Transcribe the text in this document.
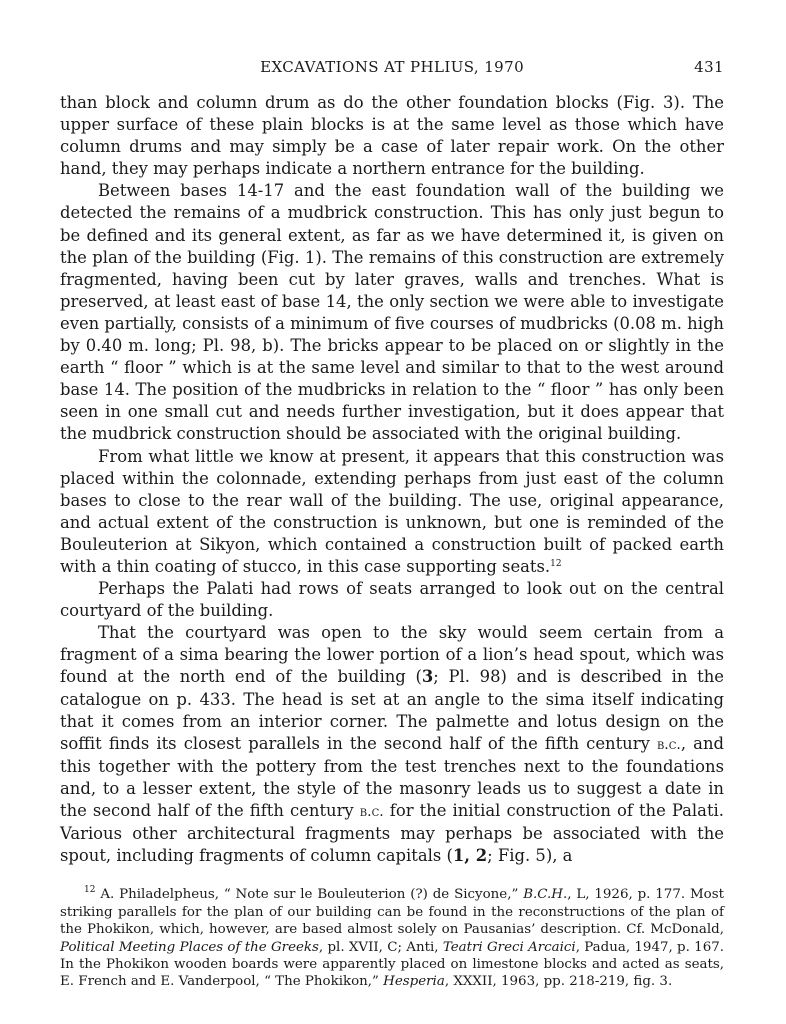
EXCAVATIONS AT PHLIUS, 1970	431

than block and column drum as do the other foundation blocks (Fig. 3). The upper surface of these plain blocks is at the same level as those which have column drums and may simply be a case of later repair work. On the other hand, they may perhaps indicate a northern entrance for the building.

Between bases 14-17 and the east foundation wall of the building we detected the remains of a mudbrick construction. This has only just begun to be defined and its general extent, as far as we have determined it, is given on the plan of the building (Fig. 1). The remains of this construction are extremely fragmented, having been cut by later graves, walls and trenches. What is preserved, at least east of base 14, the only section we were able to investigate even partially, consists of a minimum of five courses of mudbricks (0.08 m. high by 0.40 m. long; Pl. 98, b). The bricks appear to be placed on or slightly in the earth “ floor ” which is at the same level and similar to that to the west around base 14. The position of the mudbricks in relation to the “ floor ” has only been seen in one small cut and needs further investigation, but it does appear that the mudbrick construction should be associated with the original building.

From what little we know at present, it appears that this construction was placed within the colonnade, extending perhaps from just east of the column bases to close to the rear wall of the building. The use, original appearance, and actual extent of the construction is unknown, but one is reminded of the Bouleuterion at Sikyon, which contained a construction built of packed earth with a thin coating of stucco, in this case supporting seats.$^{12}$

Perhaps the Palati had rows of seats arranged to look out on the central courtyard of the building.

That the courtyard was open to the sky would seem certain from a fragment of a sima bearing the lower portion of a lion’s head spout, which was found at the north end of the building (3; Pl. 98) and is described in the catalogue on p. 433. The head is set at an angle to the sima itself indicating that it comes from an interior corner. The palmette and lotus design on the soffit finds its closest parallels in the second half of the fifth century b.c., and this together with the pottery from the test trenches next to the foundations and, to a lesser extent, the style of the masonry leads us to suggest a date in the second half of the fifth century b.c. for the initial construction of the Palati. Various other architectural fragments may perhaps be associated with the spout, including fragments of column capitals (1, 2; Fig. 5), a

$^{12}$ A. Philadelpheus, “ Note sur le Bouleuterion (?) de Sicyone,” B.C.H., L, 1926, p. 177. Most striking parallels for the plan of our building can be found in the reconstructions of the plan of the Phokikon, which, however, are based almost solely on Pausanias’ description. Cf. McDonald, Political Meeting Places of the Greeks, pl. XVII, C; Anti, Teatri Greci Arcaici, Padua, 1947, p. 167. In the Phokikon wooden boards were apparently placed on limestone blocks and acted as seats, E. French and E. Vanderpool, “ The Phokikon,” Hesperia, XXXII, 1963, pp. 218-219, fig. 3.
